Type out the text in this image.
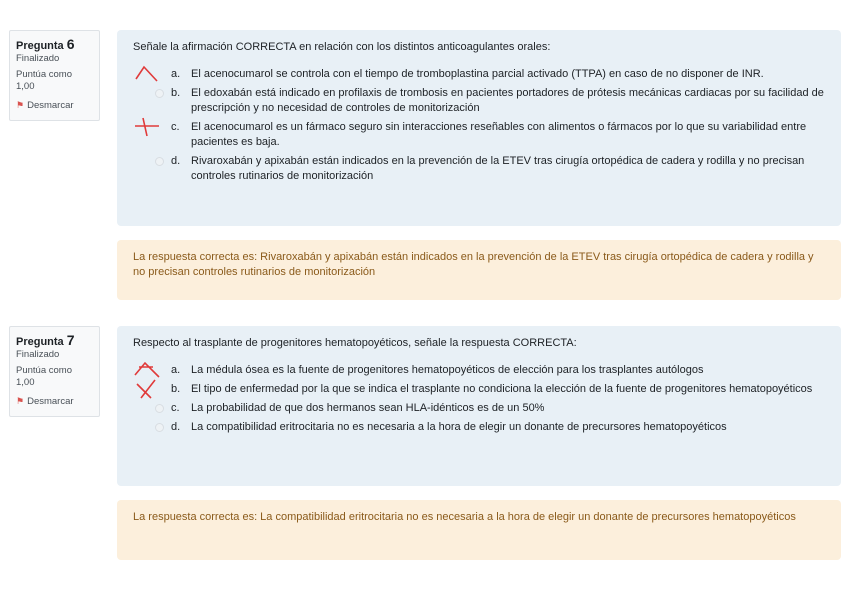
Pregunta 6
Finalizado
Puntúa como
1,00
⚑ Desmarcar
Señale la afirmación CORRECTA en relación con los distintos anticoagulantes orales:
a. El acenocumarol se controla con el tiempo de tromboplastina parcial activado (TTPA) en caso de no disponer de INR.
b. El edoxabán está indicado en profilaxis de trombosis en pacientes portadores de prótesis mecánicas cardiacas por su facilidad de prescripción y no necesidad de controles de monitorización
c. El acenocumarol es un fármaco seguro sin interacciones reseñables con alimentos o fármacos por lo que su variabilidad entre pacientes es baja.
d. Rivaroxabán y apixabán están indicados en la prevención de la ETEV tras cirugía ortopédica de cadera y rodilla y no precisan controles rutinarios de monitorización
La respuesta correcta es: Rivaroxabán y apixabán están indicados en la prevención de la ETEV tras cirugía ortopédica de cadera y rodilla y no precisan controles rutinarios de monitorización
Pregunta 7
Finalizado
Puntúa como
1,00
⚑ Desmarcar
Respecto al trasplante de progenitores hematopoyéticos, señale la respuesta CORRECTA:
a. La médula ósea es la fuente de progenitores hematopoyéticos de elección para los trasplantes autólogos
b. El tipo de enfermedad por la que se indica el trasplante no condiciona la elección de la fuente de progenitores hematopoyéticos
c. La probabilidad de que dos hermanos sean HLA-idénticos es de un 50%
d. La compatibilidad eritrocitaria no es necesaria a la hora de elegir un donante de precursores hematopoyéticos
La respuesta correcta es: La compatibilidad eritrocitaria no es necesaria a la hora de elegir un donante de precursores hematopoyéticos
